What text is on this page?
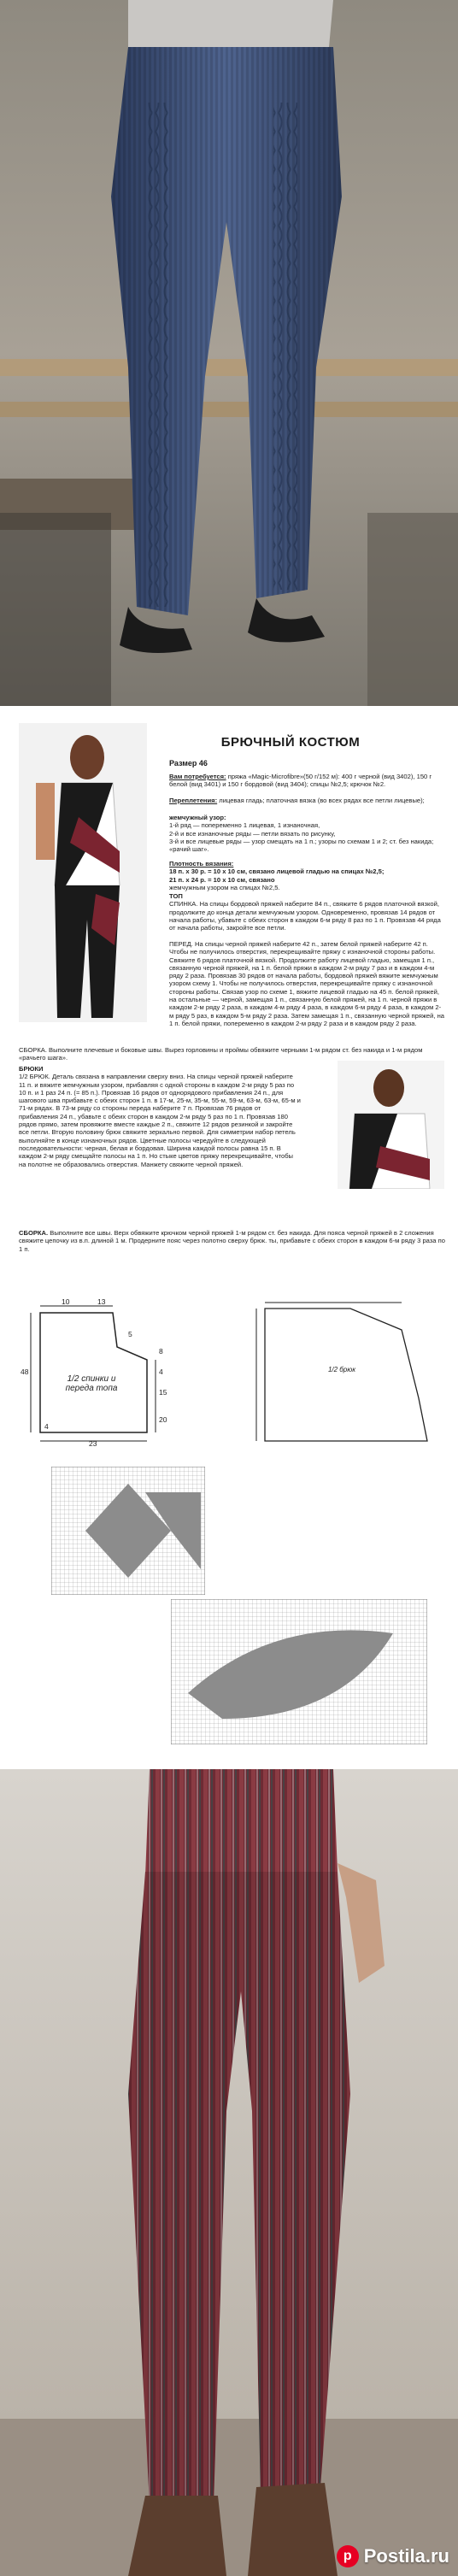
БРЮЧНЫЙ КОСТЮМ
Размер 46

Вам потребуется: пряжа «Magic-Microfibre»(50 г/152 м): 400 г черной (вид 3402), 150 г белой (вид 3401) и 150 г бордовой (вид 3404); спицы №2,5; крючок №2.

Переплетения: лицевая гладь; платочная вязка (во всех рядах все петли лицевые);

жемчужный узор:
1-й ряд — попеременно 1 лицевая, 1 изнаночная,
2-й и все изнаночные ряды — петли вязать по рисунку,
3-й и все лицевые ряды — узор смещать на 1 п.; узоры по схемам 1 и 2; ст. без накида; «рачий шаг».

Плотность вязания:
18 п. x 30 р. = 10 x 10 см, связано лицевой гладью на спицах №2,5;
21 п. x 24 р. = 10 x 10 см, связано
жемчужным узором на спицах №2,5.

ТОП
СПИНКА. На спицы бордовой пряжей наберите 84 п., свяжите 6 рядов платочной вязкой, продолжите до конца детали жемчужным узором. Одновременно, провязав 14 рядов от начала работы, убавьте с обеих сторон в каждом 6-м ряду 8 раз по 1 п. Провязав 44 ряда от начала работы, закройте все петли.

ПЕРЕД. На спицы черной пряжей наберите 42 п., затем белой пряжей наберите 42 п. Чтобы не получилось отверстия, перекрещивайте пряжу с изнаночной стороны работы. Свяжите 6 рядов платочной вязкой. Продолжите работу лицевой гладью, замещая 1 п., связанную черной пряжей, на 1 п. белой пряжи в каждом 2-м ряду 7 раз и в каждом 4-м ряду 2 раза. Провязав 30 рядов от начала работы, бордовой пряжей вяжите жемчужным узором схему 1. Чтобы не получилось отверстия, перекрещивайте пряжу с изнаночной стороны работы. Связав узор по схеме 1, вяжите лицевой гладью на 45 п. белой пряжей, на остальные — черной, замещая 1 п., связанную белой пряжей, на 1 п. черной пряжи в каждом 2-м ряду 2 раза, в каждом 4-м ряду 4 раза, в каждом 6-м ряду 4 раза, в каждом 2-м ряду 5 раз, в каждом 5-м ряду 2 раза. Затем замещая 1 п., связанную черной пряжей, на 1 п. белой пряжи, попеременно в каждом 2-м ряду 2 раза и в каждом ряду 2 раза.

СБОРКА. Выполните плечевые и боковые швы. Вырез горловины и проймы обвяжите черными 1-м рядом ст. без накида и 1-м рядом «рачьего шага».

БРЮКИ
1/2 БРЮК. Деталь связана в направлении сверху вниз. На спицы черной пряжей наберите 11 п. и вяжите жемчужным узором, прибавляя с одной стороны в каждом 2-м ряду 5 раз по 10 п. и 1 раз 24 п. (= 85 п.). Провязав 16 рядов от однорядового прибавления 24 п., для шагового шва прибавьте с обеих сторон 1 п. в 17-м, 25-м, 35-м, 55-м, 59-м, 63-м, 63-м, 65-м и 71-м рядах. В 73-м ряду со стороны переда наберите 7 п. Провязав 76 рядов от прибавления 24 п., убавьте с обеих сторон в каждом 2-м ряду 5 раз по 1 п. Провязав 180 рядов прямо, затем провяжите вместе каждые 2 п., свяжите 12 рядов резинкой и закройте все петли. Вторую половину брюк свяжите зеркально первой. Для симметрии набор петель выполняйте в конце изнаночных рядов. Цветные полосы чередуйте в следующей последовательности: черная, белая и бордовая. Ширина каждой полосы равна 15 п. В каждом 2-м ряду смещайте полосы на 1 п. Но стыке цветов пряжу перекрещивайте, чтобы на полотне не образовались отверстия. Манжету свяжите черной пряжей.

СБОРКА. Выполните все швы. Верх обвяжите крючком черной пряжей 1-м рядом ст. без накида. Для пояса черной пряжей в 2 сложения свяжите цепочку из в.п. длиной 1 м. Продерните пояс через полотно сверху брюк. ты, прибавьте с обеих сторон в каждом 6-м ряду 3 раза по 1 п.

10	13
5
48
8
4
15
20
23
4
1/2 спинки и переда топа
1/2 брюк
p Postila.ru
